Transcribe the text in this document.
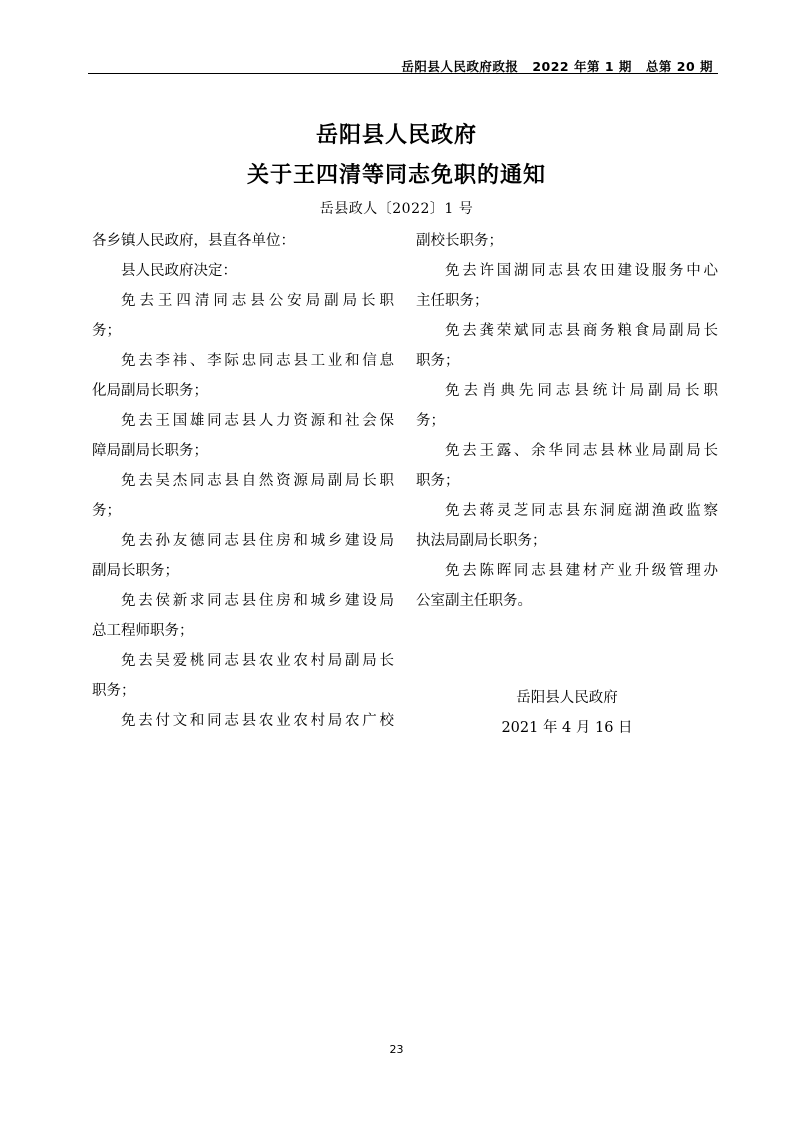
岳阳县人民政府政报 2022 年第 1 期 总第 20 期
岳阳县人民政府
关于王四清等同志免职的通知
岳县政人〔2022〕1 号
各乡镇人民政府，县直各单位：
县人民政府决定：
免去王四清同志县公安局副局长职
务；
免去李祎、李际忠同志县工业和信息
化局副局长职务；
免去王国雄同志县人力资源和社会保
障局副局长职务；
免去吴杰同志县自然资源局副局长职
务；
免去孙友德同志县住房和城乡建设局
副局长职务；
免去侯新求同志县住房和城乡建设局
总工程师职务；
免去吴爱桃同志县农业农村局副局长
职务；
免去付文和同志县农业农村局农广校
副校长职务；
免去许国湖同志县农田建设服务中心
主任职务；
免去龚荣斌同志县商务粮食局副局长
职务；
免去肖典先同志县统计局副局长职
务；
免去王露、余华同志县林业局副局长
职务；
免去蒋灵芝同志县东洞庭湖渔政监察
执法局副局长职务；
免去陈晖同志县建材产业升级管理办
公室副主任职务。
岳阳县人民政府
2021 年 4 月 16 日
23
